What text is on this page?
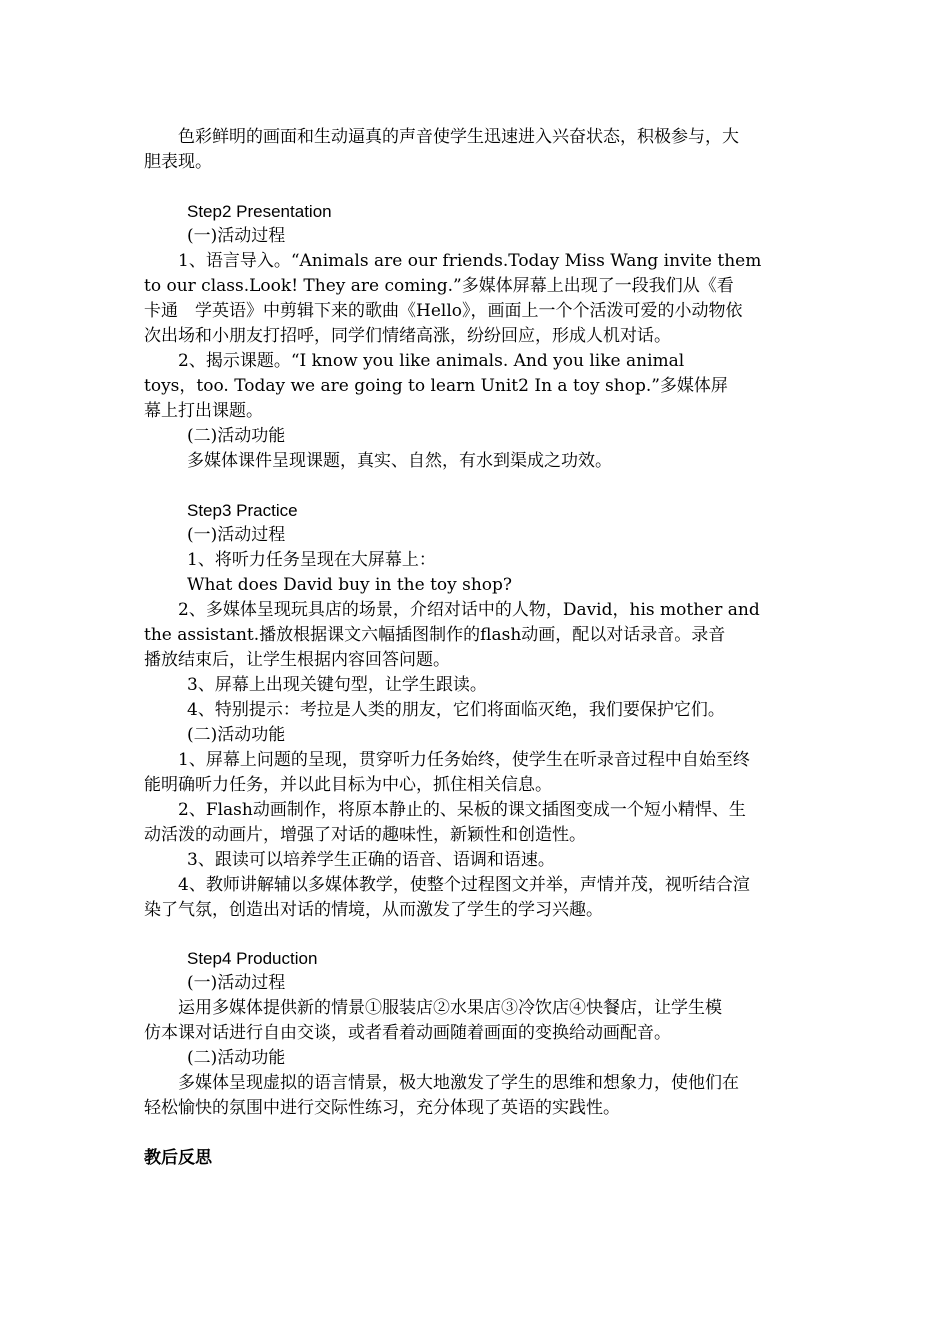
　　色彩鲜明的画面和生动逼真的声音使学生迅速进入兴奋状态，积极参与，大
胆表现。

Step2 Presentation

(一)活动过程

　　1、语言导入。“Animals are our friends.Today Miss Wang invite them
to our class.Look! They are coming.”多媒体屏幕上出现了一段我们从《看
卡通　学英语》中剪辑下来的歌曲《Hello》，画面上一个个活泼可爱的小动物依
次出场和小朋友打招呼，同学们情绪高涨，纷纷回应，形成人机对话。

　　2、揭示课题。“I know you like animals. And you like animal
toys，too. Today we are going to learn Unit2 In a toy shop.”多媒体屏
幕上打出课题。

(二)活动功能

多媒体课件呈现课题，真实、自然，有水到渠成之功效。

Step3 Practice

(一)活动过程

1、将听力任务呈现在大屏幕上：

What does David buy in the toy shop?

　　2、多媒体呈现玩具店的场景，介绍对话中的人物，David，his mother and
the assistant.播放根据课文六幅插图制作的flash动画，配以对话录音。录音
播放结束后，让学生根据内容回答问题。

3、屏幕上出现关键句型，让学生跟读。

4、特别提示：考拉是人类的朋友，它们将面临灭绝，我们要保护它们。

(二)活动功能

　　1、屏幕上问题的呈现，贯穿听力任务始终，使学生在听录音过程中自始至终
能明确听力任务，并以此目标为中心，抓住相关信息。

　　2、Flash动画制作，将原本静止的、呆板的课文插图变成一个短小精悍、生
动活泼的动画片，增强了对话的趣味性，新颖性和创造性。

3、跟读可以培养学生正确的语音、语调和语速。

　　4、教师讲解辅以多媒体教学，使整个过程图文并举，声情并茂，视听结合渲
染了气氛，创造出对话的情境，从而激发了学生的学习兴趣。

Step4 Production

(一)活动过程

　　运用多媒体提供新的情景①服装店②水果店③冷饮店④快餐店，让学生模
仿本课对话进行自由交谈，或者看着动画随着画面的变换给动画配音。

(二)活动功能

　　多媒体呈现虚拟的语言情景，极大地激发了学生的思维和想象力，使他们在
轻松愉快的氛围中进行交际性练习，充分体现了英语的实践性。

教后反思
